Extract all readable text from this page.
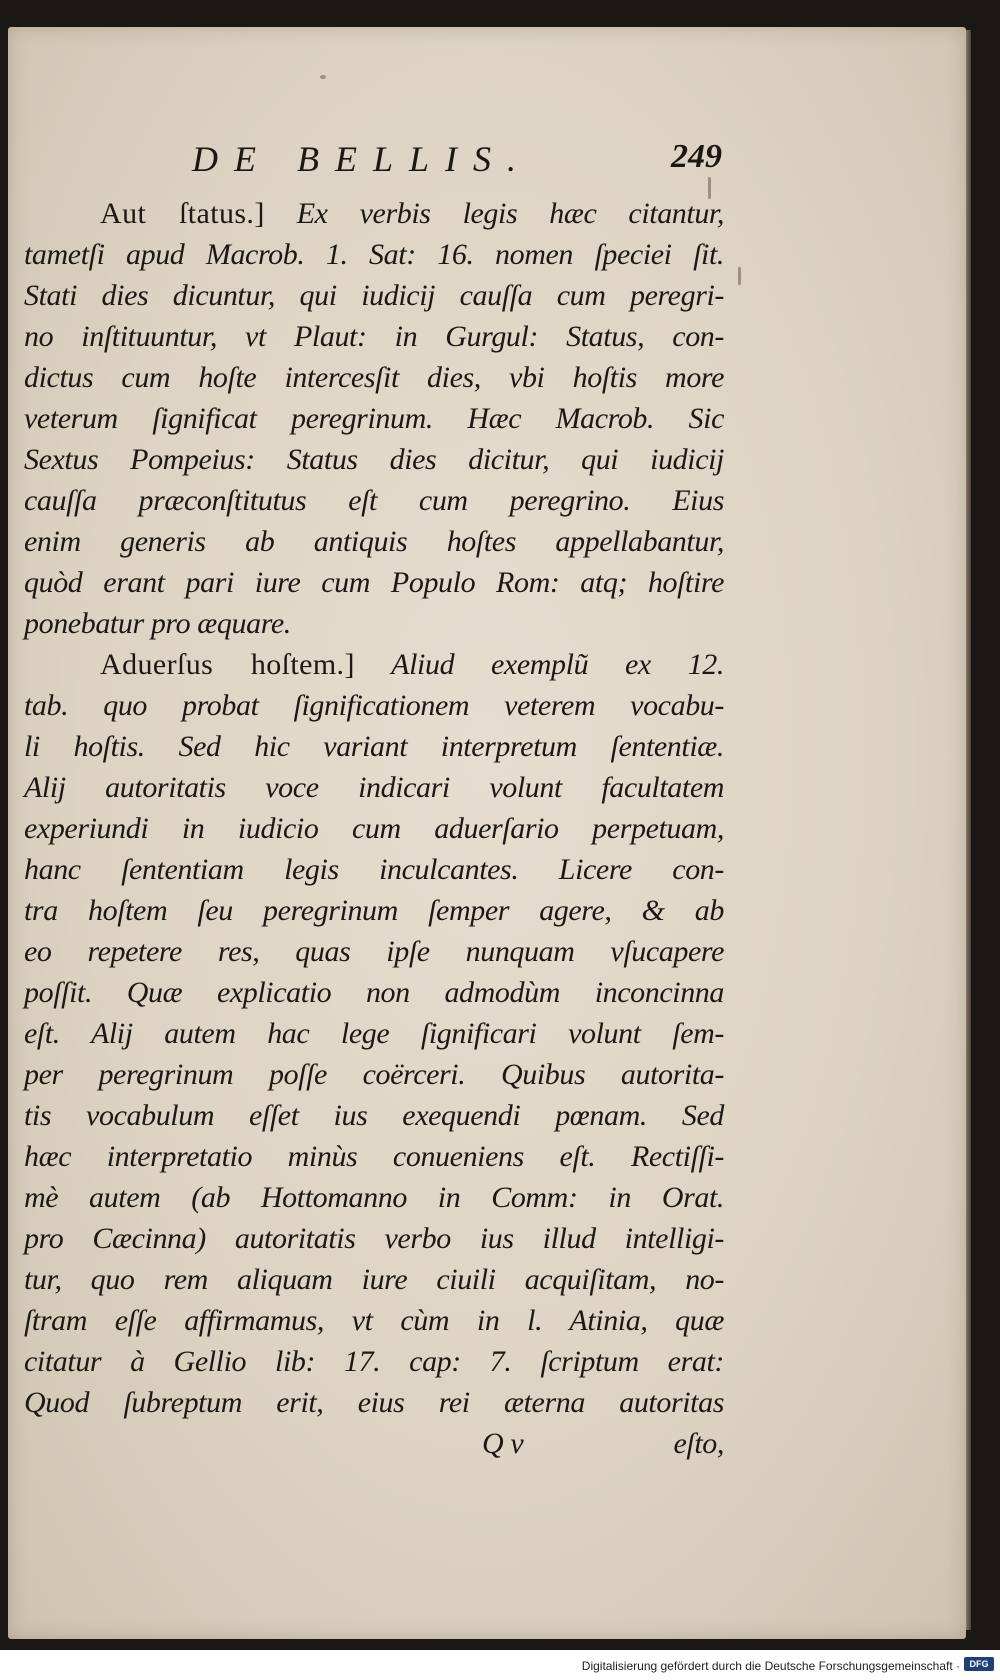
DE BELLIS.	249
Aut ſtatus.] Ex verbis legis hæc citantur,
tametſi apud Macrob. 1. Sat: 16. nomen ſpeciei ſit.
Stati dies dicuntur, qui iudicij cauſſa cum peregri-
no inſtituuntur, vt Plaut: in Gurgul: Status, con-
dictus cum hoſte intercesſit dies, vbi hoſtis more
veterum ſignificat peregrinum. Hæc Macrob. Sic
Sextus Pompeius: Status dies dicitur, qui iudicij
cauſſa præconſtitutus eſt cum peregrino. Eius
enim generis ab antiquis hoſtes appellabantur,
quòd erant pari iure cum Populo Rom: atq; hoſtire
ponebatur pro æquare.
Aduerſus hoſtem.] Aliud exemplũ ex 12.
tab. quo probat ſignificationem veterem vocabu-
li hoſtis. Sed hic variant interpretum ſententiæ.
Alij autoritatis voce indicari volunt facultatem
experiundi in iudicio cum aduerſario perpetuam,
hanc ſententiam legis inculcantes. Licere con-
tra hoſtem ſeu peregrinum ſemper agere, & ab
eo repetere res, quas ipſe nunquam vſucapere
poſſit. Quæ explicatio non admodùm inconcinna
eſt. Alij autem hac lege ſignificari volunt ſem-
per peregrinum poſſe coërceri. Quibus autorita-
tis vocabulum eſſet ius exequendi pœnam. Sed
hæc interpretatio minùs conueniens eſt. Rectiſſi-
mè autem (ab Hottomanno in Comm: in Orat.
pro Cæcinna) autoritatis verbo ius illud intelligi-
tur, quo rem aliquam iure ciuili acquiſitam, no-
ſtram eſſe affirmamus, vt cùm in l. Atinia, quæ
citatur à Gellio lib: 17. cap: 7. ſcriptum erat:
Quod ſubreptum erit, eius rei æterna autoritas
Q v	eſto,
Digitalisierung gefördert durch die Deutsche Forschungsgemeinschaft ·	DFG
